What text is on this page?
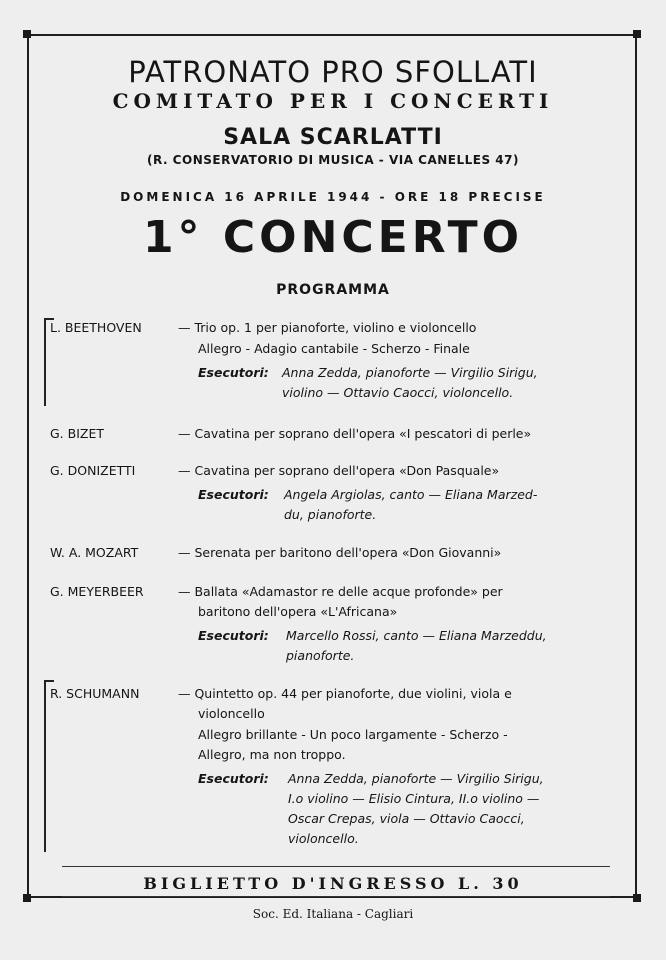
PATRONATO PRO SFOLLATI
COMITATO PER I CONCERTI
SALA SCARLATTI
(R. CONSERVATORIO DI MUSICA - VIA CANELLES 47)
DOMENICA 16 APRILE 1944 - ORE 18 PRECISE
1° CONCERTO
PROGRAMMA
L. BEETHOVEN	— Trio op. 1 per pianoforte, violino e violoncello
Allegro - Adagio cantabile - Scherzo - Finale
Esecutori: Anna Zedda, pianoforte — Virgilio Sirigu,
violino — Ottavio Caocci, violoncello.
G. BIZET	— Cavatina per soprano dell'opera «I pescatori di perle»
G. DONIZETTI	— Cavatina per soprano dell'opera «Don Pasquale»
Esecutori: Angela Argiolas, canto — Eliana Marzed-
du, pianoforte.
W. A. MOZART	— Serenata per baritono dell'opera «Don Giovanni»
G. MEYERBEER	— Ballata «Adamastor re delle acque profonde» per
baritono dell'opera «L'Africana»
Esecutori: Marcello Rossi, canto — Eliana Marzeddu,
pianoforte.
R. SCHUMANN	— Quintetto op. 44 per pianoforte, due violini, viola e
violoncello
Allegro brillante - Un poco largamente - Scherzo -
Allegro, ma non troppo.
Esecutori: Anna Zedda, pianoforte — Virgilio Sirigu,
I.o violino — Elisio Cintura, II.o violino —
Oscar Crepas, viola — Ottavio Caocci,
violoncello.
BIGLIETTO D'INGRESSO L. 30
Soc. Ed. Italiana - Cagliari
